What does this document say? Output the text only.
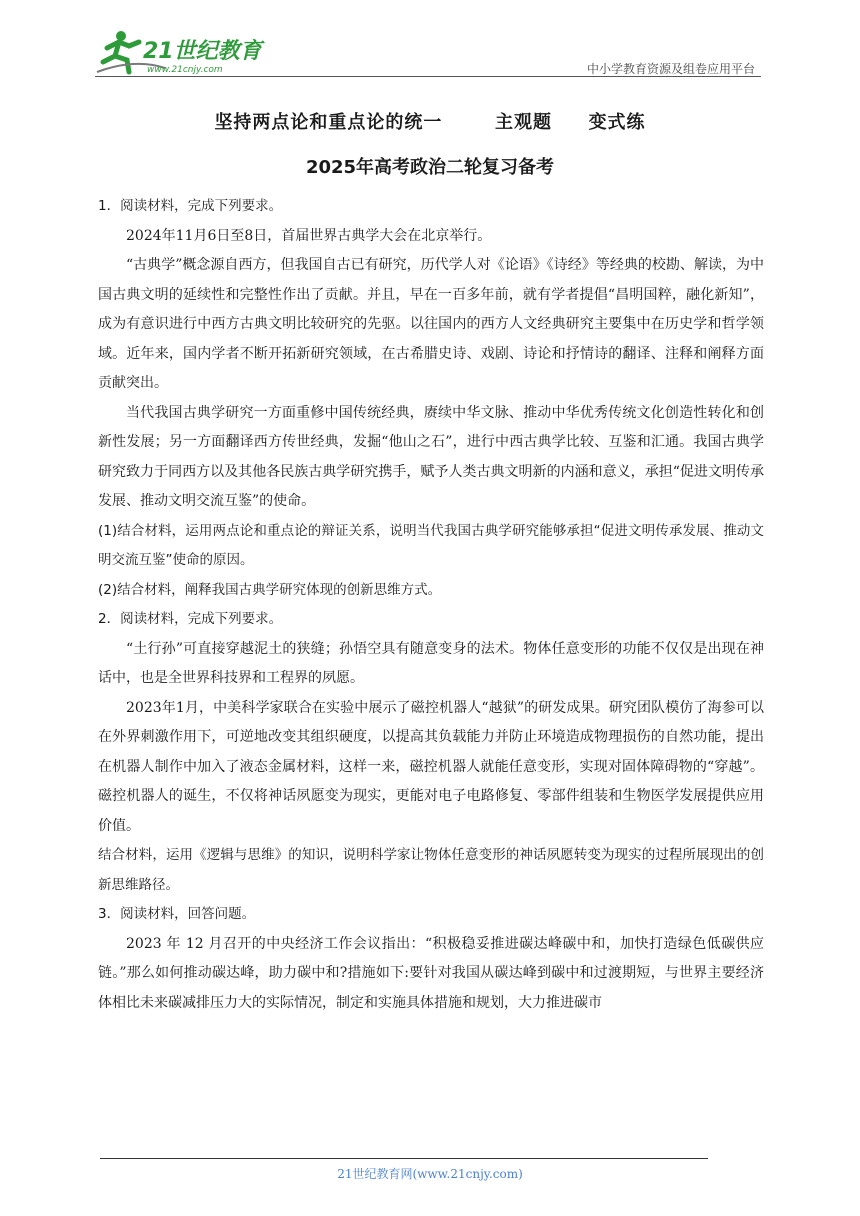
21世纪教育
www.21cnjy.com	中小学教育资源及组卷应用平台
坚持两点论和重点论的统一	主观题 变式练
2025年高考政治二轮复习备考

1．阅读材料，完成下列要求。

2024年11月6日至8日，首届世界古典学大会在北京举行。

“古典学”概念源自西方，但我国自古已有研究，历代学人对《论语》《诗经》等经典的校勘、解读，为中国古典文明的延续性和完整性作出了贡献。并且，早在一百多年前，就有学者提倡“昌明国粹，融化新知”，成为有意识进行中西方古典文明比较研究的先驱。以往国内的西方人文经典研究主要集中在历史学和哲学领域。近年来，国内学者不断开拓新研究领域，在古希腊史诗、戏剧、诗论和抒情诗的翻译、注释和阐释方面贡献突出。

当代我国古典学研究一方面重修中国传统经典，赓续中华文脉、推动中华优秀传统文化创造性转化和创新性发展；另一方面翻译西方传世经典，发掘“他山之石”，进行中西古典学比较、互鉴和汇通。我国古典学研究致力于同西方以及其他各民族古典学研究携手，赋予人类古典文明新的内涵和意义，承担“促进文明传承发展、推动文明交流互鉴”的使命。

(1)结合材料，运用两点论和重点论的辩证关系，说明当代我国古典学研究能够承担“促进文明传承发展、推动文明交流互鉴”使命的原因。

(2)结合材料，阐释我国古典学研究体现的创新思维方式。

2．阅读材料，完成下列要求。

“土行孙”可直接穿越泥土的狭缝；孙悟空具有随意变身的法术。物体任意变形的功能不仅仅是出现在神话中，也是全世界科技界和工程界的夙愿。

2023年1月，中美科学家联合在实验中展示了磁控机器人“越狱”的研发成果。研究团队模仿了海参可以在外界刺激作用下，可逆地改变其组织硬度，以提高其负载能力并防止环境造成物理损伤的自然功能，提出在机器人制作中加入了液态金属材料，这样一来，磁控机器人就能任意变形，实现对固体障碍物的“穿越”。磁控机器人的诞生，不仅将神话夙愿变为现实，更能对电子电路修复、零部件组装和生物医学发展提供应用价值。

结合材料，运用《逻辑与思维》的知识，说明科学家让物体任意变形的神话夙愿转变为现实的过程所展现出的创新思维路径。

3．阅读材料，回答问题。

2023 年 12 月召开的中央经济工作会议指出：“积极稳妥推进碳达峰碳中和，加快打造绿色低碳供应链。”那么如何推动碳达峰，助力碳中和?措施如下:要针对我国从碳达峰到碳中和过渡期短，与世界主要经济体相比未来碳减排压力大的实际情况，制定和实施具体措施和规划，大力推进碳市

21世纪教育网(www.21cnjy.com)
